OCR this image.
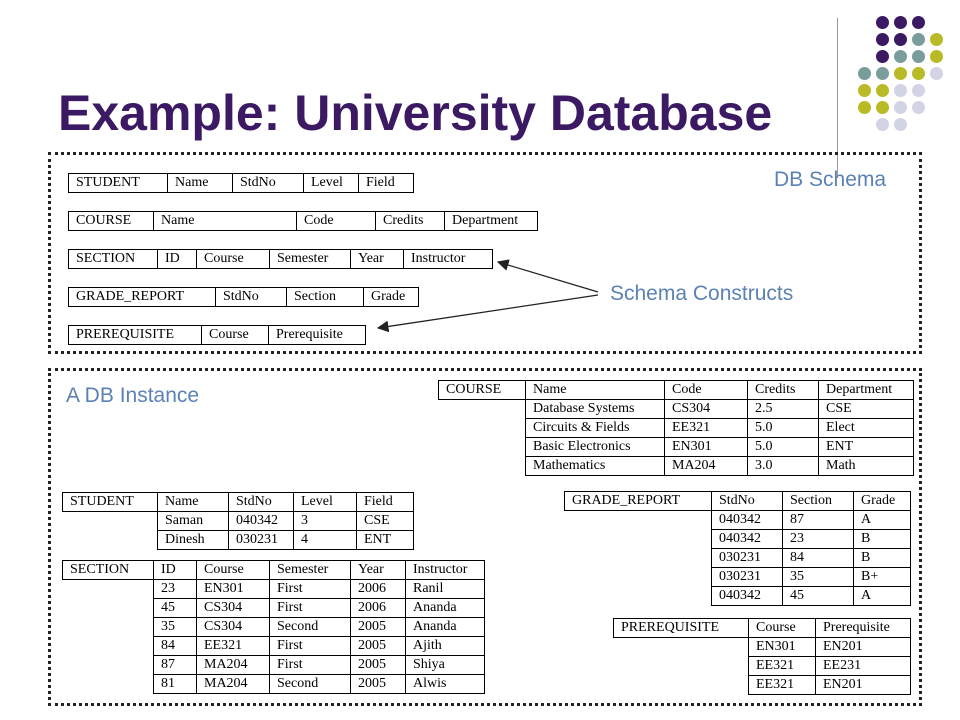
Example: University Database
DB Schema
Schema Constructs
STUDENT	Name	StdNo	Level	Field
COURSE	Name	Code	Credits	Department
SECTION	ID	Course	Semester	Year	Instructor
GRADE_REPORT	StdNo	Section	Grade
PREREQUISITE	Course	Prerequisite
A DB Instance	COURSE	Name	Code	Credits	Department
	Database Systems	CS304	2.5	CSE
	Circuits & Fields	EE321	5.0	Elect
	Basic Electronics	EN301	5.0	ENT
	Mathematics	MA204	3.0	Math
STUDENT	Name	StdNo	Level	Field
	Saman	040342	3	CSE
	Dinesh	030231	4	ENT
SECTION	ID	Course	Semester	Year	Instructor
	23	EN301	First	2006	Ranil
	45	CS304	First	2006	Ananda
	35	CS304	Second	2005	Ananda
	84	EE321	First	2005	Ajith
	87	MA204	First	2005	Shiya
	81	MA204	Second	2005	Alwis
GRADE_REPORT	StdNo	Section	Grade
	040342	87	A
	040342	23	B
	030231	84	B
	030231	35	B+
	040342	45	A
PREREQUISITE	Course	Prerequisite
	EN301	EN201
	EE321	EE231
	EE321	EN201
